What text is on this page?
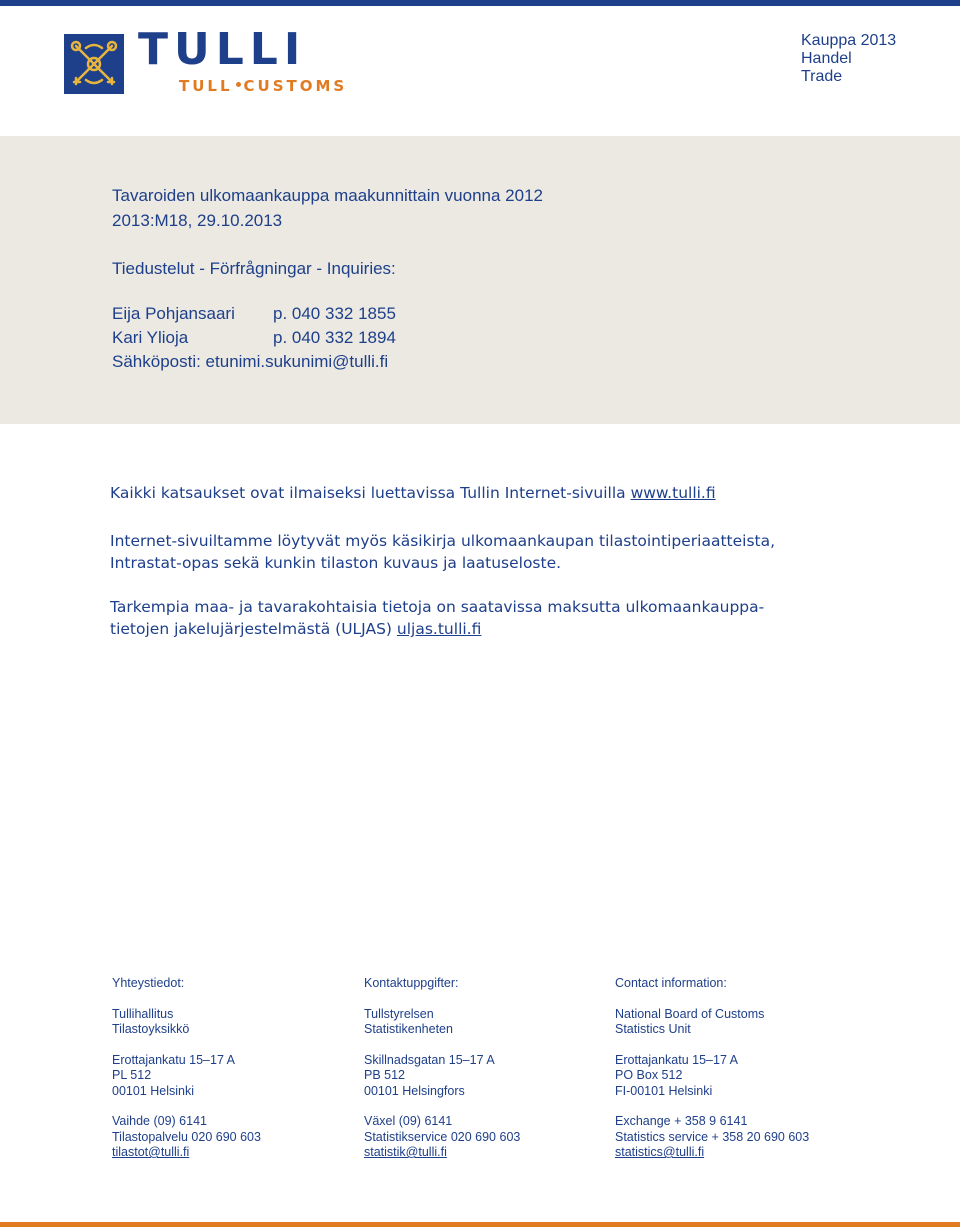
TULLI
TULL CUSTOMS
Kauppa 2013
Handel
Trade
Tavaroiden ulkomaankauppa maakunnittain vuonna 2012
2013:M18, 29.10.2013
Tiedustelut - Förfrågningar - Inquiries:
Eija Pohjansaari p. 040 332 1855
Kari Ylioja	p. 040 332 1894
Sähköposti: etunimi.sukunimi@tulli.fi
Kaikki katsaukset ovat ilmaiseksi luettavissa Tullin Internet-sivuilla www.tulli.fi
Internet-sivuiltamme löytyvät myös käsikirja ulkomaankaupan tilastointiperiaatteista,
Intrastat-opas sekä kunkin tilaston kuvaus ja laatuseloste.
Tarkempia maa- ja tavarakohtaisia tietoja on saatavissa maksutta ulkomaankauppa-
tietojen jakelujärjestelmästä (ULJAS) uljas.tulli.fi
Yhteystiedot:
Tullihallitus
Tilastoyksikkö
Erottajankatu 15–17 A
PL 512
00101 Helsinki
Vaihde (09) 6141
Tilastopalvelu 020 690 603
tilastot@tulli.fi
Kontaktuppgifter:
Tullstyrelsen
Statistikenheten
Skillnadsgatan 15–17 A
PB 512
00101 Helsingfors
Växel (09) 6141
Statistikservice 020 690 603
statistik@tulli.fi
Contact information:
National Board of Customs
Statistics Unit
Erottajankatu 15–17 A
PO Box 512
FI-00101 Helsinki
Exchange + 358 9 6141
Statistics service + 358 20 690 603
statistics@tulli.fi
